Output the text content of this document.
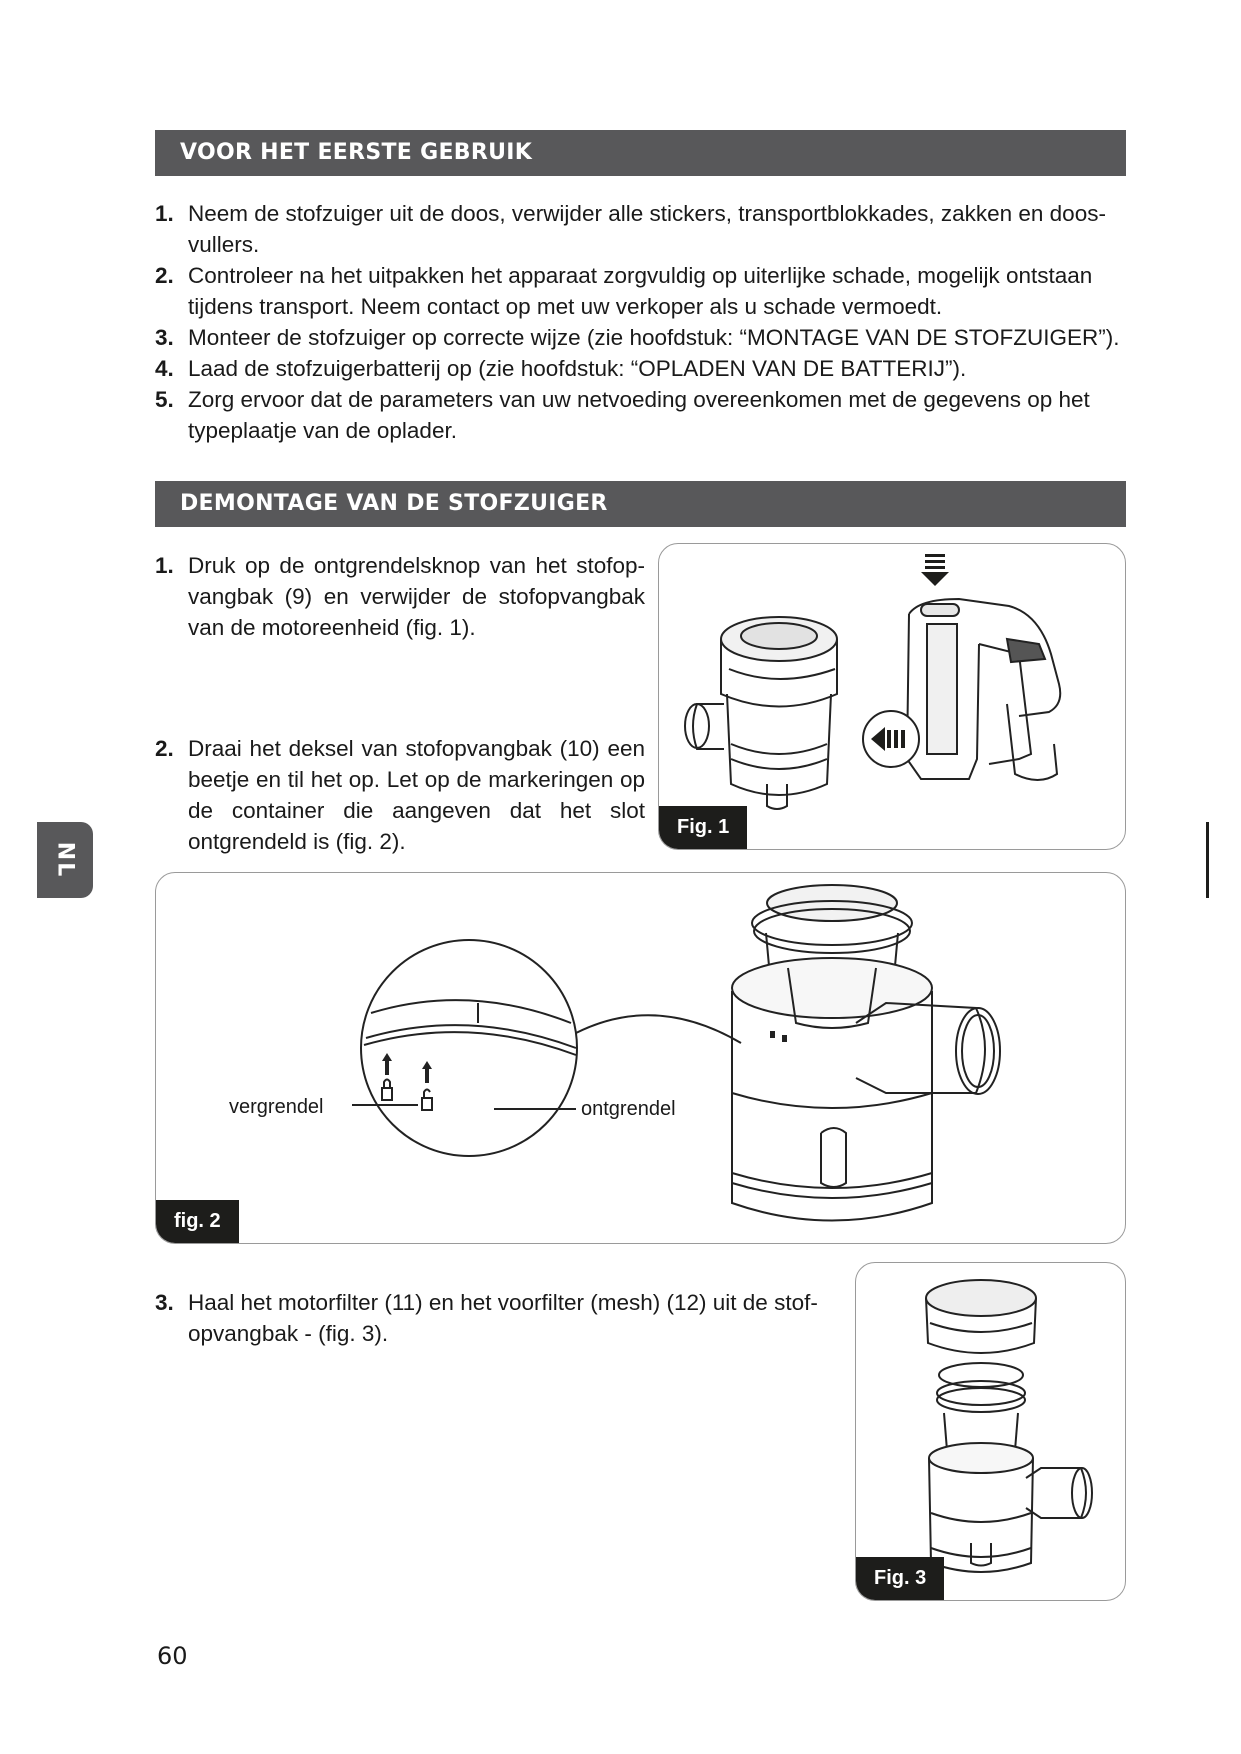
VOOR HET EERSTE GEBRUIK
1. Neem de stofzuiger uit de doos, verwijder alle stickers, transportblokkades, zakken en doos-vullers.
2. Controleer na het uitpakken het apparaat zorgvuldig op uiterlijke schade, mogelijk ontstaan tijdens transport. Neem contact op met uw verkoper als u schade vermoedt.
3. Monteer de stofzuiger op correcte wijze (zie hoofdstuk: “MONTAGE VAN DE STOFZUIGER”).
4. Laad de stofzuigerbatterij op (zie hoofdstuk: “OPLADEN VAN DE BATTERIJ”).
5. Zorg ervoor dat de parameters van uw netvoeding overeenkomen met de gegevens op het typeplaatje van de oplader.
DEMONTAGE VAN DE STOFZUIGER
1. Druk op de ontgrendelsknop van het stofop-vangbak (9) en verwijder de stofopvangbak van de motoreenheid (fig. 1).
2. Draai het deksel van stofopvangbak (10) een beetje en til het op. Let op de markeringen op de container die aangeven dat het slot ontgrendeld is (fig. 2).
Fig. 1
vergrendel	ontgrendel
fig. 2
3. Haal het motorfilter (11) en het voorfilter (mesh) (12) uit de stof-opvangbak - (fig. 3).
Fig. 3
NL
60
